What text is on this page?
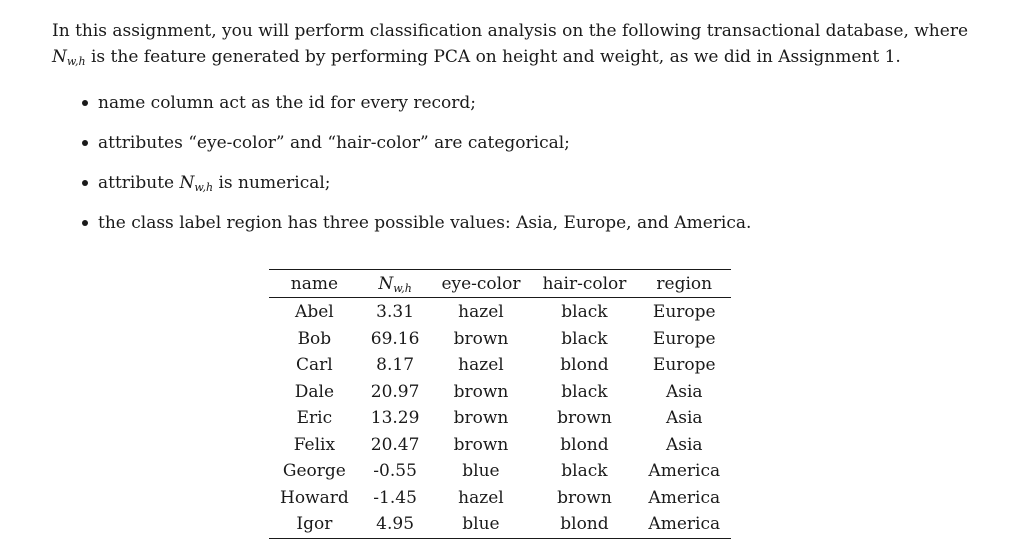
In this assignment, you will perform classification analysis on the following transactional database, where
$N_{w,h}$ is the feature generated by performing PCA on height and weight, as we did in Assignment 1.
name column act as the id for every record;
attributes “eye-color” and “hair-color” are categorical;
attribute $N_{w,h}$ is numerical;
the class label region has three possible values: Asia, Europe, and America.
name	$N_{w,h}$	eye-color	hair-color	region
Abel	3.31	hazel	black	Europe
Bob	69.16	brown	black	Europe
Carl	8.17	hazel	blond	Europe
Dale	20.97	brown	black	Asia
Eric	13.29	brown	brown	Asia
Felix	20.47	brown	blond	Asia
George	-0.55	blue	black	America
Howard	-1.45	hazel	brown	America
Igor	4.95	blue	blond	America
